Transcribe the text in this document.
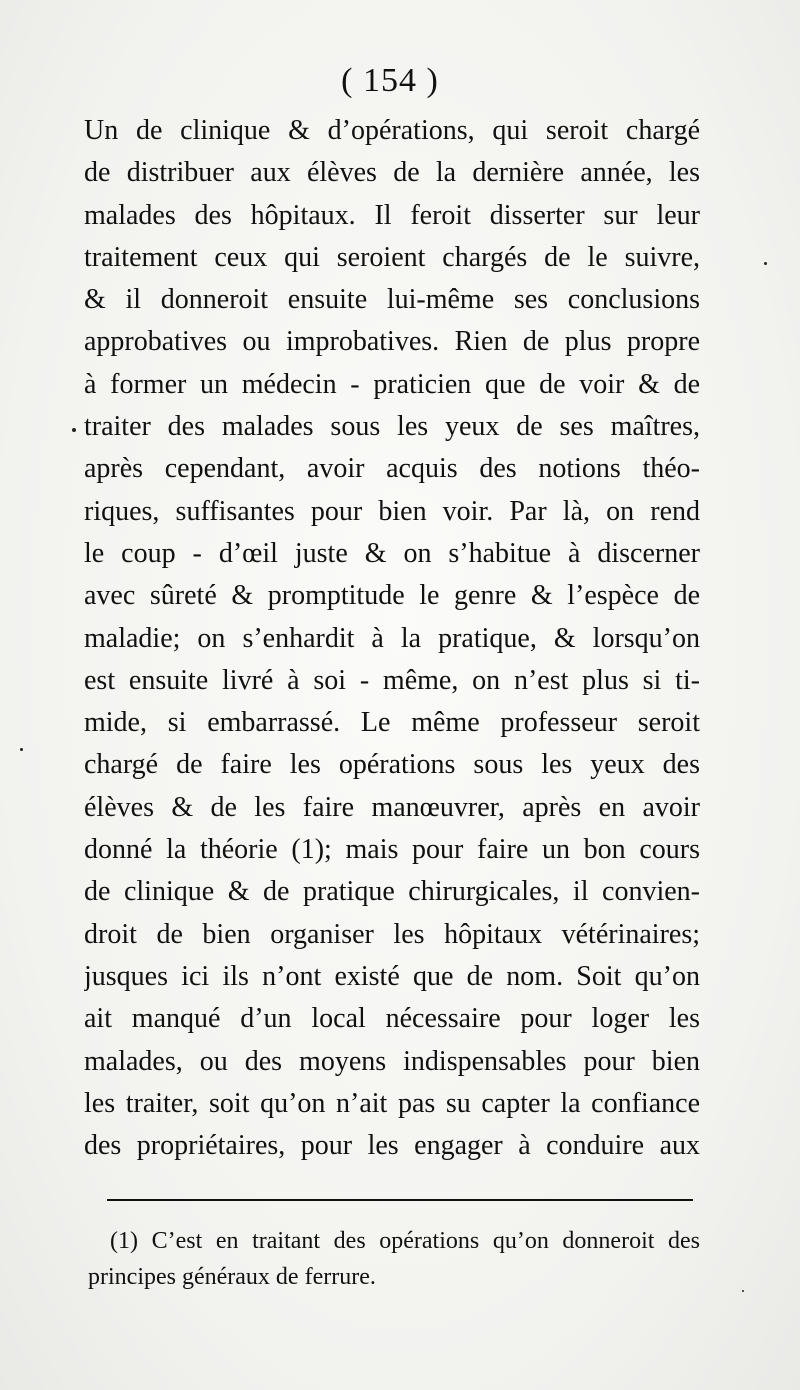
( 154 )
Un de clinique & d’opérations, qui seroit chargé
de distribuer aux élèves de la dernière année, les
malades des hôpitaux. Il feroit disserter sur leur
traitement ceux qui seroient chargés de le suivre,
& il donneroit ensuite lui-même ses conclusions
approbatives ou improbatives. Rien de plus propre
à former un médecin - praticien que de voir & de
traiter des malades sous les yeux de ses maîtres,
après cependant, avoir acquis des notions théo-
riques, suffisantes pour bien voir. Par là, on rend
le coup - d’œil juste & on s’habitue à discerner
avec sûreté & promptitude le genre & l’espèce de
maladie; on s’enhardit à la pratique, & lorsqu’on
est ensuite livré à soi - même, on n’est plus si ti-
mide, si embarrassé. Le même professeur seroit
chargé de faire les opérations sous les yeux des
élèves & de les faire manœuvrer, après en avoir
donné la théorie (1); mais pour faire un bon cours
de clinique & de pratique chirurgicales, il convien-
droit de bien organiser les hôpitaux vétérinaires;
jusques ici ils n’ont existé que de nom. Soit qu’on
ait manqué d’un local nécessaire pour loger les
malades, ou des moyens indispensables pour bien
les traiter, soit qu’on n’ait pas su capter la confiance
des propriétaires, pour les engager à conduire aux
(1) C’est en traitant des opérations qu’on donneroit des
principes généraux de ferrure.
